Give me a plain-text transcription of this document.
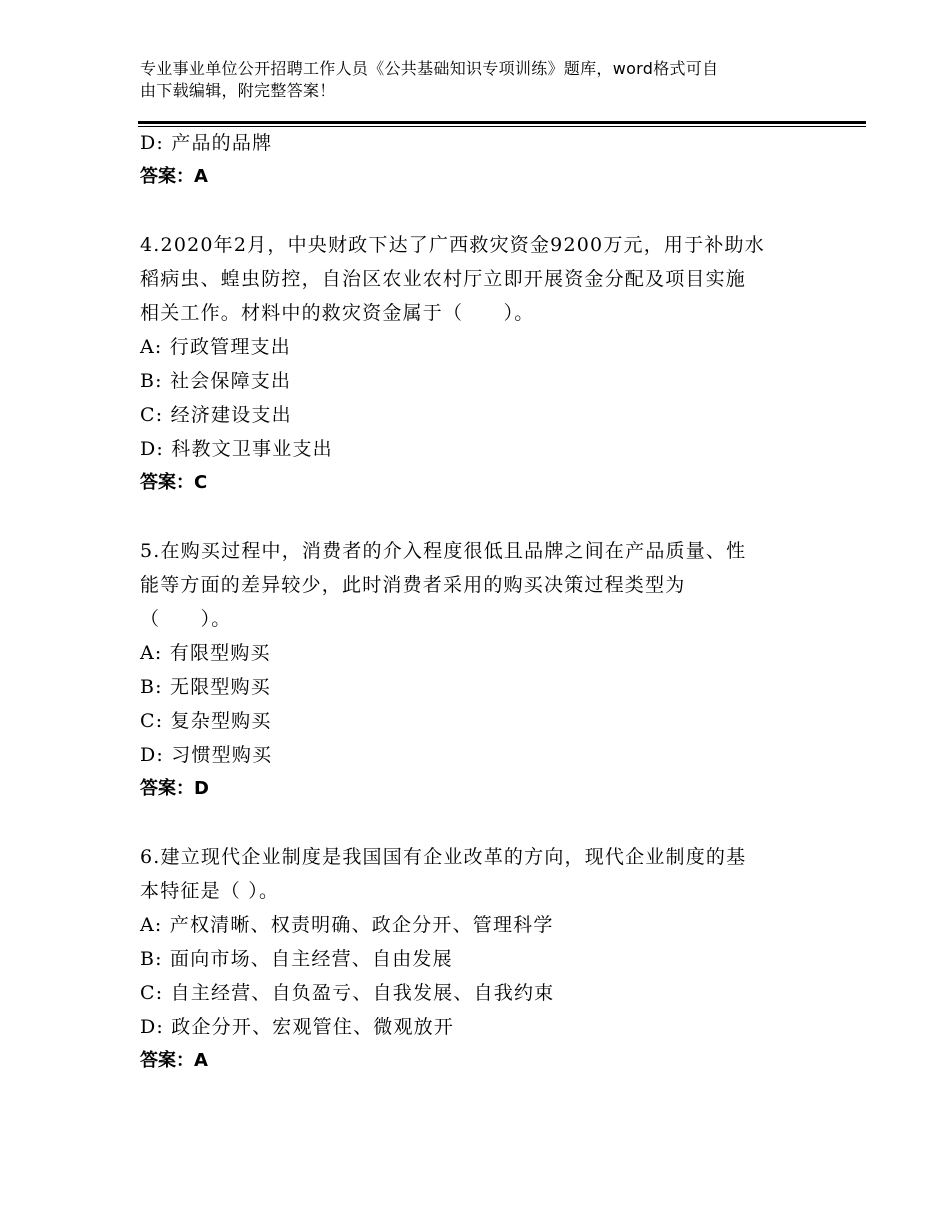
专业事业单位公开招聘工作人员《公共基础知识专项训练》题库，word格式可自
由下载编辑，附完整答案！
D: 产品的品牌
答案：A
4.2020年2月，中央财政下达了广西救灾资金9200万元，用于补助水
稻病虫、蝗虫防控，自治区农业农村厅立即开展资金分配及项目实施
相关工作。材料中的救灾资金属于（　　）。
A: 行政管理支出
B: 社会保障支出
C: 经济建设支出
D: 科教文卫事业支出
答案：C
5.在购买过程中，消费者的介入程度很低且品牌之间在产品质量、性
能等方面的差异较少，此时消费者采用的购买决策过程类型为
（　　）。
A: 有限型购买
B: 无限型购买
C: 复杂型购买
D: 习惯型购买
答案：D
6.建立现代企业制度是我国国有企业改革的方向，现代企业制度的基
本特征是（ ）。
A: 产权清晰、权责明确、政企分开、管理科学
B: 面向市场、自主经营、自由发展
C: 自主经营、自负盈亏、自我发展、自我约束
D: 政企分开、宏观管住、微观放开
答案：A
